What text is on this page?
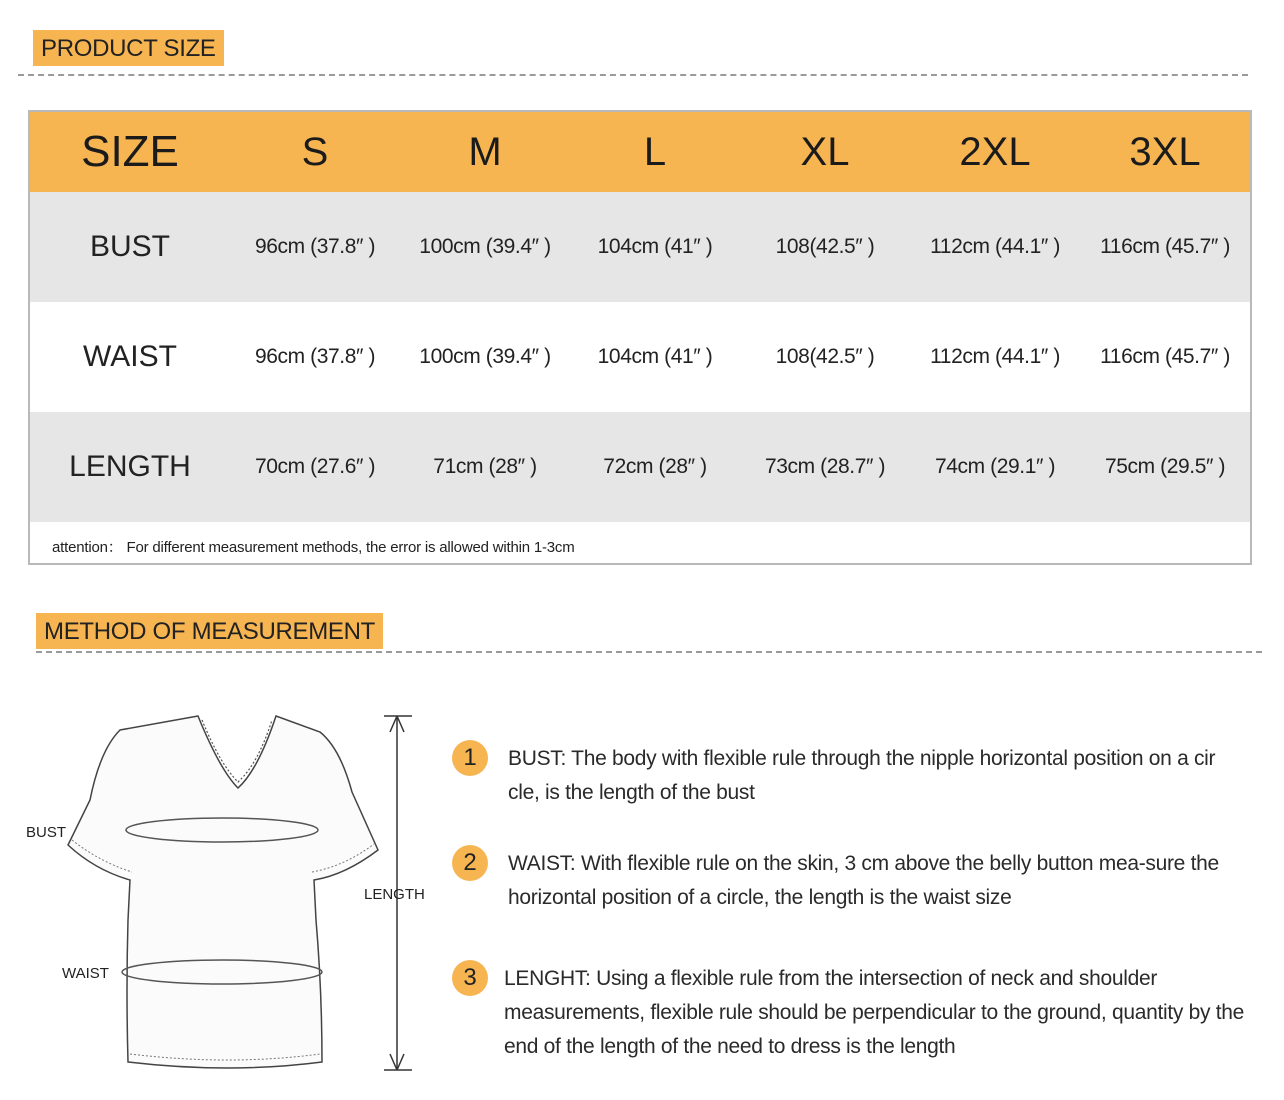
PRODUCT SIZE
SIZE	S	M	L	XL	2XL	3XL
BUST	96cm (37.8″ )	100cm (39.4″ )	104cm (41″ )	108(42.5″ )	112cm (44.1″ )	116cm (45.7″ )
WAIST	96cm (37.8″ )	100cm (39.4″ )	104cm (41″ )	108(42.5″ )	112cm (44.1″ )	116cm (45.7″ )
LENGTH	70cm (27.6″ )	71cm (28″ )	72cm (28″ )	73cm (28.7″ )	74cm (29.1″ )	75cm (29.5″ )
attention： For different measurement methods, the error is allowed within 1-3cm
METHOD OF MEASUREMENT
BUST
WAIST
LENGTH
1	BUST: The body with flexible rule through the nipple horizontal position on a cir cle, is the length of the bust
2	WAIST: With flexible rule on the skin, 3 cm above the belly button mea-sure the horizontal position of a circle, the length is the waist size
3	LENGHT: Using a flexible rule from the intersection of neck and shoulder measurements, flexible rule should be perpendicular to the ground, quantity by the end of the length of the need to dress is the length
